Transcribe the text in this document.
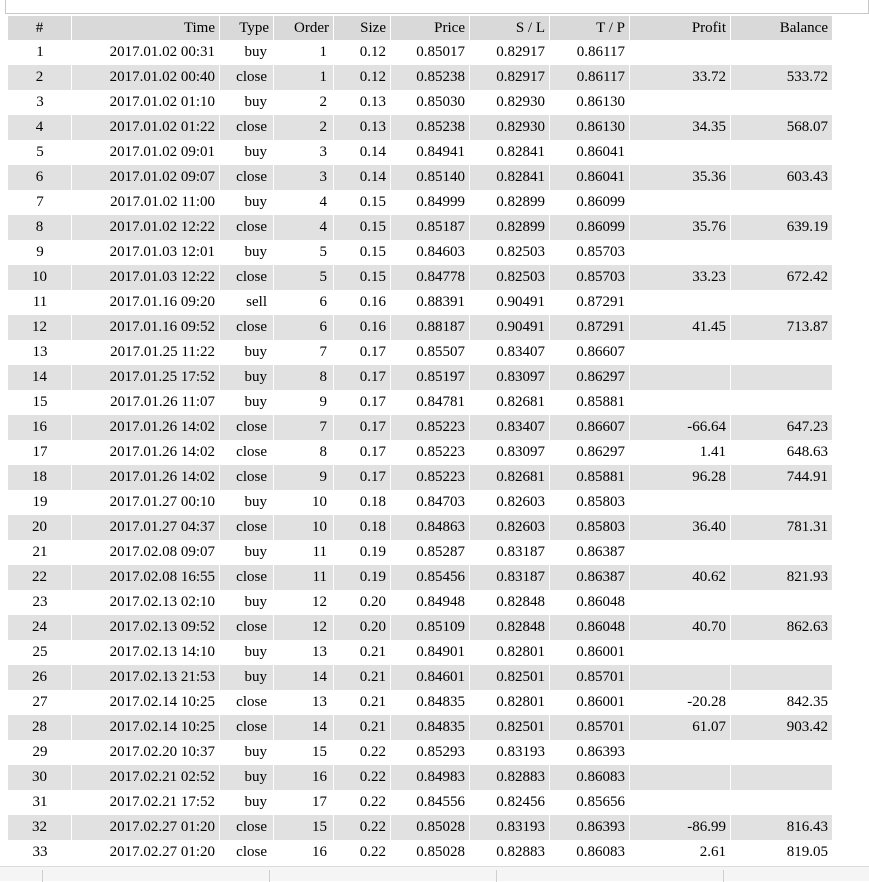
#	Time	Type	Order	Size	Price	S / L	T / P	Profit	Balance
1	2017.01.02 00:31	buy	1	0.12	0.85017	0.82917	0.86117		
2	2017.01.02 00:40	close	1	0.12	0.85238	0.82917	0.86117	33.72	533.72
3	2017.01.02 01:10	buy	2	0.13	0.85030	0.82930	0.86130		
4	2017.01.02 01:22	close	2	0.13	0.85238	0.82930	0.86130	34.35	568.07
5	2017.01.02 09:01	buy	3	0.14	0.84941	0.82841	0.86041		
6	2017.01.02 09:07	close	3	0.14	0.85140	0.82841	0.86041	35.36	603.43
7	2017.01.02 11:00	buy	4	0.15	0.84999	0.82899	0.86099		
8	2017.01.02 12:22	close	4	0.15	0.85187	0.82899	0.86099	35.76	639.19
9	2017.01.03 12:01	buy	5	0.15	0.84603	0.82503	0.85703		
10	2017.01.03 12:22	close	5	0.15	0.84778	0.82503	0.85703	33.23	672.42
11	2017.01.16 09:20	sell	6	0.16	0.88391	0.90491	0.87291		
12	2017.01.16 09:52	close	6	0.16	0.88187	0.90491	0.87291	41.45	713.87
13	2017.01.25 11:22	buy	7	0.17	0.85507	0.83407	0.86607		
14	2017.01.25 17:52	buy	8	0.17	0.85197	0.83097	0.86297		
15	2017.01.26 11:07	buy	9	0.17	0.84781	0.82681	0.85881		
16	2017.01.26 14:02	close	7	0.17	0.85223	0.83407	0.86607	-66.64	647.23
17	2017.01.26 14:02	close	8	0.17	0.85223	0.83097	0.86297	1.41	648.63
18	2017.01.26 14:02	close	9	0.17	0.85223	0.82681	0.85881	96.28	744.91
19	2017.01.27 00:10	buy	10	0.18	0.84703	0.82603	0.85803		
20	2017.01.27 04:37	close	10	0.18	0.84863	0.82603	0.85803	36.40	781.31
21	2017.02.08 09:07	buy	11	0.19	0.85287	0.83187	0.86387		
22	2017.02.08 16:55	close	11	0.19	0.85456	0.83187	0.86387	40.62	821.93
23	2017.02.13 02:10	buy	12	0.20	0.84948	0.82848	0.86048		
24	2017.02.13 09:52	close	12	0.20	0.85109	0.82848	0.86048	40.70	862.63
25	2017.02.13 14:10	buy	13	0.21	0.84901	0.82801	0.86001		
26	2017.02.13 21:53	buy	14	0.21	0.84601	0.82501	0.85701		
27	2017.02.14 10:25	close	13	0.21	0.84835	0.82801	0.86001	-20.28	842.35
28	2017.02.14 10:25	close	14	0.21	0.84835	0.82501	0.85701	61.07	903.42
29	2017.02.20 10:37	buy	15	0.22	0.85293	0.83193	0.86393		
30	2017.02.21 02:52	buy	16	0.22	0.84983	0.82883	0.86083		
31	2017.02.21 17:52	buy	17	0.22	0.84556	0.82456	0.85656		
32	2017.02.27 01:20	close	15	0.22	0.85028	0.83193	0.86393	-86.99	816.43
33	2017.02.27 01:20	close	16	0.22	0.85028	0.82883	0.86083	2.61	819.05
